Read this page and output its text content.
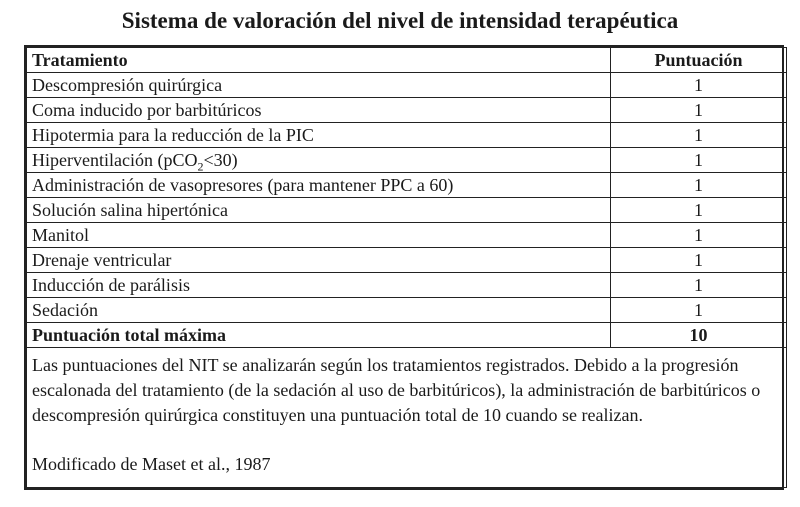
Sistema de valoración del nivel de intensidad terapéutica
Tratamiento	Puntuación
Descompresión quirúrgica	1
Coma inducido por barbitúricos	1
Hipotermia para la reducción de la PIC	1
Hiperventilación (pCO$_2$<30)	1
Administración de vasopresores (para mantener PPC a 60)	1
Solución salina hipertónica	1
Manitol	1
Drenaje ventricular	1
Inducción de parálisis	1
Sedación	1
Puntuación total máxima	10

Las puntuaciones del NIT se analizarán según los tratamientos registrados. Debido a la progresión escalonada del tratamiento (de la sedación al uso de barbitúricos), la administración de barbitúricos o descompresión quirúrgica constituyen una puntuación total de 10 cuando se realizan.

Modificado de Maset et al., 1987	
